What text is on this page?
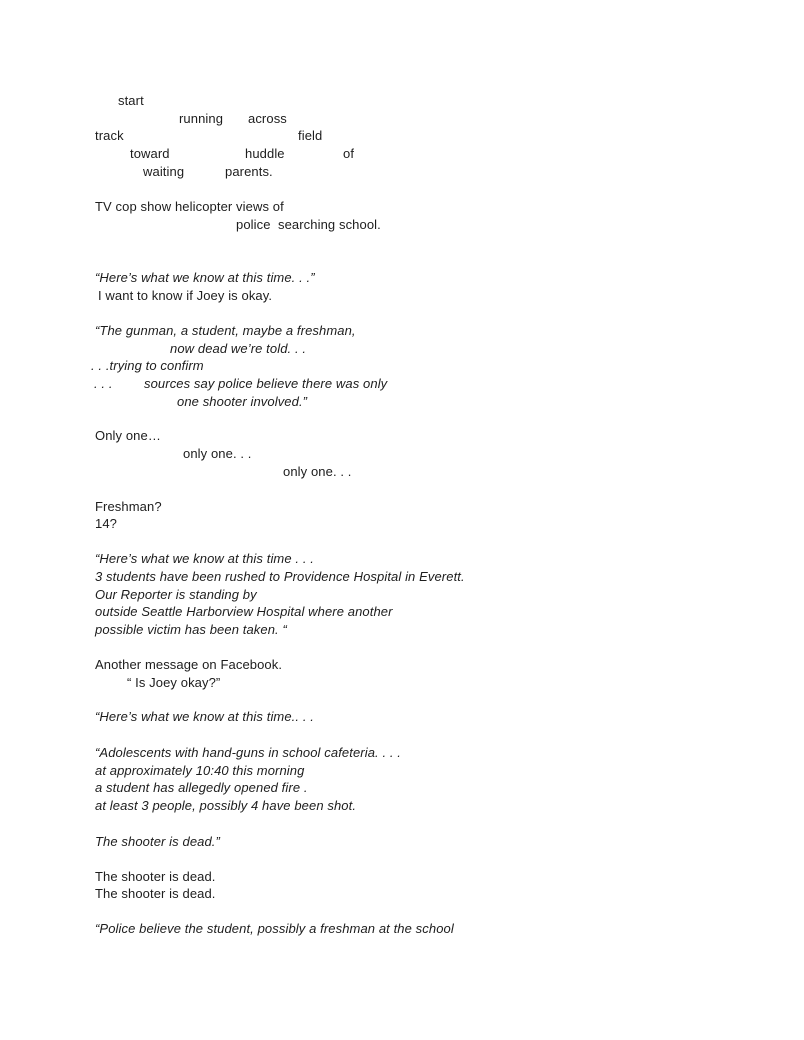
start
running across
track	field
toward	huddle	of
waiting	parents.
TV cop show helicopter views of
police  searching school.
“Here’s what we know at this time. . .”
I want to know if Joey is okay.
“The gunman, a student, maybe a freshman,
now dead we’re told. . .
. . .trying to confirm
. . . sources say police believe there was only
one shooter involved.”
Only one…
only one. . .
only one. . .
Freshman?
14?
“Here’s what we know at this time . . .
3 students have been rushed to Providence Hospital in Everett.
Our Reporter is standing by
outside Seattle Harborview Hospital where another
possible victim has been taken. “
Another message on Facebook.
“ Is Joey okay?”
“Here’s what we know at this time.. . .
“Adolescents with hand-guns in school cafeteria. . . .
at approximately 10:40 this morning
a student has allegedly opened fire .
at least 3 people, possibly 4 have been shot.
The shooter is dead.”
The shooter is dead.
The shooter is dead.
“Police believe the student, possibly a freshman at the school
